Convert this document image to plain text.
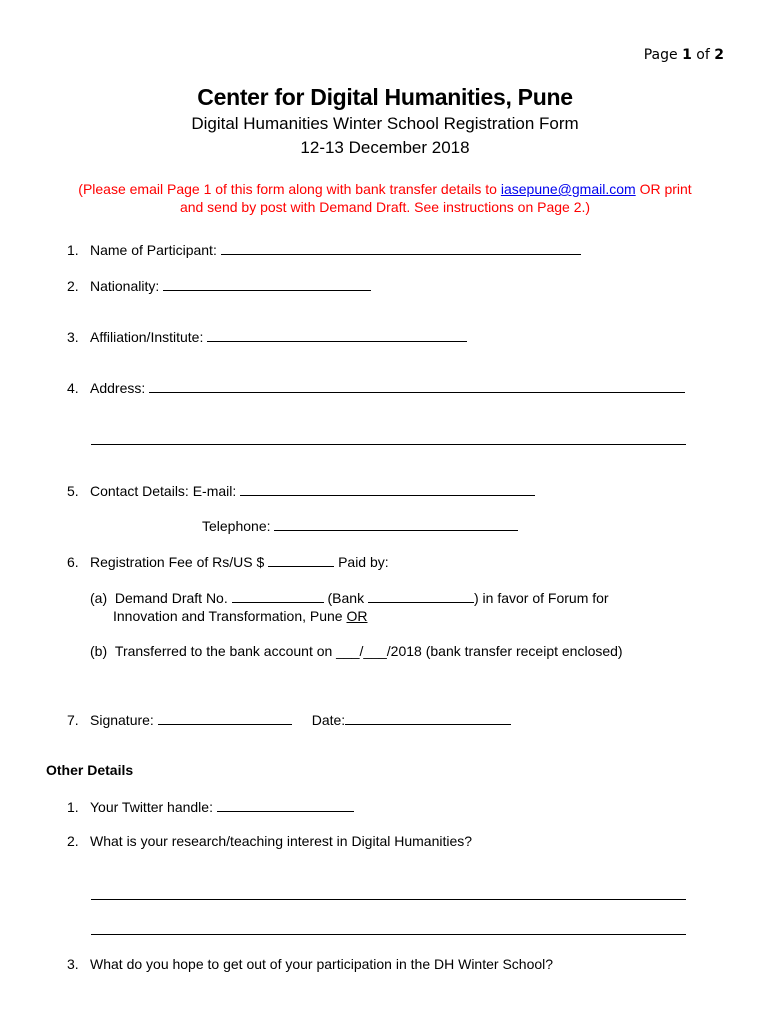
Page 1 of 2
Center for Digital Humanities, Pune
Digital Humanities Winter School Registration Form
12-13 December 2018
(Please email Page 1 of this form along with bank transfer details to iasepune@gmail.com OR print
and send by post with Demand Draft. See instructions on Page 2.)
1. Name of Participant:
2. Nationality:
3. Affiliation/Institute:
4. Address:
5. Contact Details: E-mail:
Telephone:
6. Registration Fee of Rs/US $	Paid by:
(a) Demand Draft No.	(Bank	) in favor of Forum for
Innovation and Transformation, Pune OR
(b) Transferred to the bank account on ___/___/2018 (bank transfer receipt enclosed)
7. Signature:	Date:
Other Details
1. Your Twitter handle:
2. What is your research/teaching interest in Digital Humanities?
3. What do you hope to get out of your participation in the DH Winter School?
